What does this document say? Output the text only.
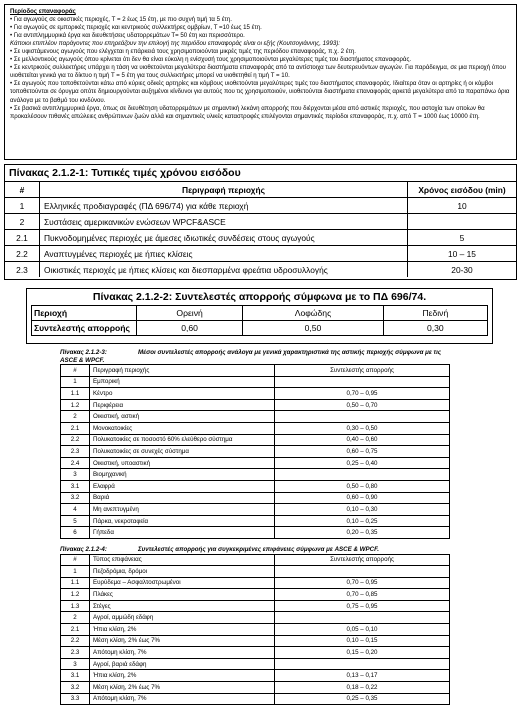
Περίοδος επαναφοράς
• Για αγωγούς σε οικιστικές περιοχές, T = 2 έως 15 έτη, με πιο συχνή τιμή τα 5 έτη.
• Για αγωγούς σε εμπορικές περιοχές και κεντρικούς συλλεκτήρες ομβρίων, T =10 έως 15 έτη.
• Για αντιπλημμυρικά έργα και διευθετήσεις υδατορρεμάτων T= 50 έτη και περισσότερο.
Κάποιοι επιπλέον παράγοντες που επηρεάζουν την επιλογή της περιόδου επαναφοράς είναι οι εξής (Κουτσογιάννης, 1993):
• Σε υφιστάμενους αγωγούς που ελέγχεται η επάρκειά τους χρησιμοποιούνται μικρές τιμές της περιόδου επαναφοράς, π.χ. 2 έτη.
• Σε μελλοντικούς αγωγούς όπου κρίνεται ότι δεν θα είναι εύκολη η ενίσχυσή τους χρησιμοποιούνται μεγαλύτερες τιμές του διαστήματος επαναφοράς.
• Σε κεντρικούς συλλεκτήρες υπάρχει η τάση να υιοθετούνται μεγαλύτερα διαστήματα επαναφοράς από τα αντίστοιχα των δευτερευόντων αγωγών. Για παράδειγμα, σε μια περιοχή όπου υιοθετείται γενικά για το δίκτυο η τιμή T = 5 έτη για τους συλλεκτήρες μπορεί να υιοθετηθεί η τιμή T = 10.
• Σε αγωγούς που τοποθετούνται κάτω από κύριες οδικές αρτηρίες και κόμβους υιοθετούνται μεγαλύτερες τιμές του διαστήματος επαναφοράς. Ιδιαίτερα όταν οι αρτηρίες ή οι κόμβοι τοποθετούνται σε όρυγμα οπότε δημιουργούνται αυξημένοι κίνδυνοι για αυτούς που τις χρησιμοποιούν, υιοθετούνται διαστήματα επαναφοράς αρκετά μεγαλύτερα από τα παραπάνω όρια ανάλογα με το βαθμό του κινδύνου.
• Σε βασικά αντιπλημμυρικά έργα, όπως σε διευθέτηση υδατορρεμάτων με σημαντική λεκάνη απορροής που διέρχονται μέσα από αστικές περιοχές, που αστοχία των οποίων θα προκαλέσουν πιθανές απώλειες ανθρώπινων ζωών αλλά και σημαντικές υλικές καταστροφές επιλέγονται σημαντικές περίοδοι επαναφοράς, π.χ. από T = 1000 έως 10000 έτη.
Πίνακας 2.1.2-1: Τυπικές τιμές χρόνου εισόδου
#	Περιγραφή περιοχής	Χρόνος εισόδου (min)
1	Ελληνικές προδιαγραφές (ΠΔ 696/74) για κάθε περιοχή	10
2	Συστάσεις αμερικανικών ενώσεων WPCF&ASCE	
2.1	Πυκνοδομημένες περιοχές με άμεσες ιδιωτικές συνδέσεις στους αγωγούς	5
2.2	Αναπτυγμένες περιοχές με ήπιες κλίσεις	10 – 15
2.3	Οικιστικές περιοχές με ήπιες κλίσεις και διεσπαρμένα φρεάτια υδροσυλλογής	20-30
Πίνακας 2.1.2-2: Συντελεστές απορροής σύμφωνα με το ΠΔ 696/74.
Περιοχή	Ορεινή	Λοφώδης	Πεδινή
Συντελεστής απορροής	0,60	0,50	0,30
Πίνακας 2.1.2-3:	Μέσοι συντελεστές απορροής ανάλογα με γενικά χαρακτηριστικά της αστικής περιοχής σύμφωνα με τις ASCE & WPCF.
#	Περιγραφή περιοχής	Συντελεστής απορροής
1	Εμπορική	
1.1	Κέντρο	0,70 – 0,95
1.2	Περιφέρεια	0,50 – 0,70
2	Οικιστική, αστική	
2.1	Μονοκατοικίες	0,30 – 0,50
2.2	Πολυκατοικίες σε ποσοστό 60% ελεύθερο σύστημα	0,40 – 0,60
2.3	Πολυκατοικίες σε συνεχές σύστημα	0,60 – 0,75
2.4	Οικιστική, υποαστική	0,25 – 0,40
3	Βιομηχανική	
3.1	Ελαφρά	0,50 – 0,80
3.2	Βαριά	0,60 – 0,90
4	Μη ανεπτυγμένη	0,10 – 0,30
5	Πάρκα, νεκροταφεία	0,10 – 0,25
6	Γήπεδα	0,20 – 0,35
Πίνακας 2.1.2-4:	Συντελεστές απορροής για συγκεκριμένες επιφάνειες σύμφωνα με ASCE & WPCF.
#	Τύπος επιφάνειας	Συντελεστής απορροής
1	Πεζοδρόμια, δρόμοι	
1.1	Ευρύδεμα – Ασφαλτοστρωμένοι	0,70 – 0,95
1.2	Πλάκες	0,70 – 0,85
1.3	Στέγες	0,75 – 0,95
2	Αγροί, αμμώδη εδάφη	
2.1	Ήπια κλίση, 2%	0,05 – 0,10
2.2	Μέση κλίση, 2% έως 7%	0,10 – 0,15
2.3	Απότομη κλίση, 7%	0,15 – 0,20
3	Αγροί, βαριά εδάφη	
3.1	Ήπια κλίση, 2%	0,13 – 0,17
3.2	Μέση κλίση, 2% έως 7%	0,18 – 0,22
3.3	Απότομη κλίση, 7%	0,25 – 0,35
